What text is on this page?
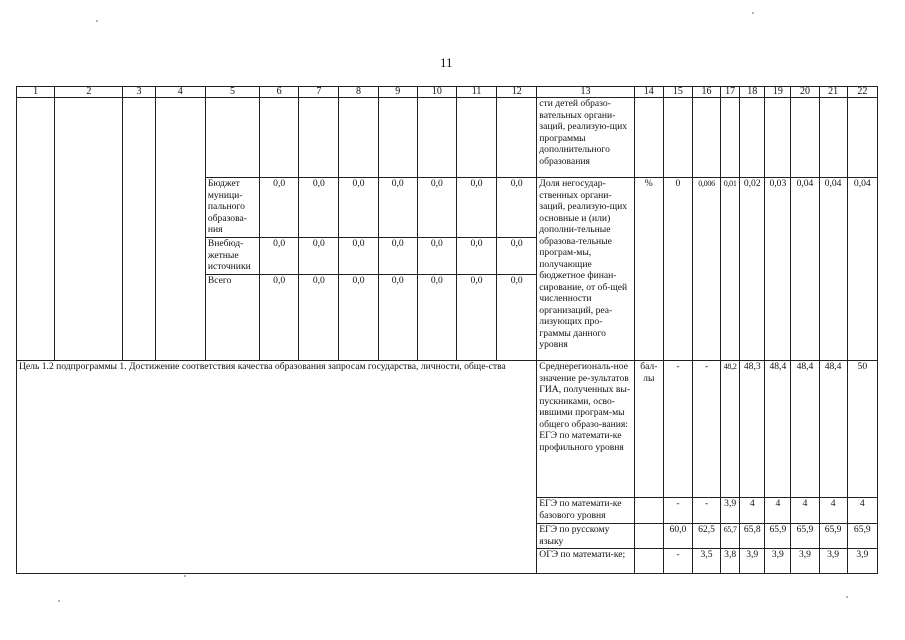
11
1	2	3	4	5	6	7	8	9	10	11	12	13	14	15	16	17	18	19	20	21	22
												сти детей образо-вательных органи-заций, реализую-щих программы дополнительного образования									
				Бюджет муници-пального образова-ния	0,0	0,0	0,0	0,0	0,0	0,0	0,0	Доля негосудар-ственных органи-заций, реализую-щих основные и (или) дополни-тельные образова-тельные програм-мы, получающие бюджетное финан-сирование, от об-щей численности организаций, реа-лизующих про-граммы данного уровня	%	0	0,006	0,01	0,02	0,03	0,04	0,04	0,04
				Внебюд-жетные источники	0,0	0,0	0,0	0,0	0,0	0,0	0,0										
				Всего	0,0	0,0	0,0	0,0	0,0	0,0	0,0										
Цель 1.2 подпрограммы 1. Достижение соответствия качества образования запросам государства, личности, обще-ства												Среднерегиональ-ное значение ре-зультатов ГИА, полученных вы-пускниками, осво-ившими програм-мы общего образо-вания: ЕГЭ по математи-ке профильного уровня	бал-лы	-	-	48,2	48,3	48,4	48,4	48,4	50
												ЕГЭ по математи-ке базового уровня		-	-	3,9	4	4	4	4	4
												ЕГЭ по русскому языку		60,0	62,5	65,7	65,8	65,9	65,9	65,9	65,9
												ОГЭ по математи-ке;		-	3,5	3,8	3,9	3,9	3,9	3,9	3,9
